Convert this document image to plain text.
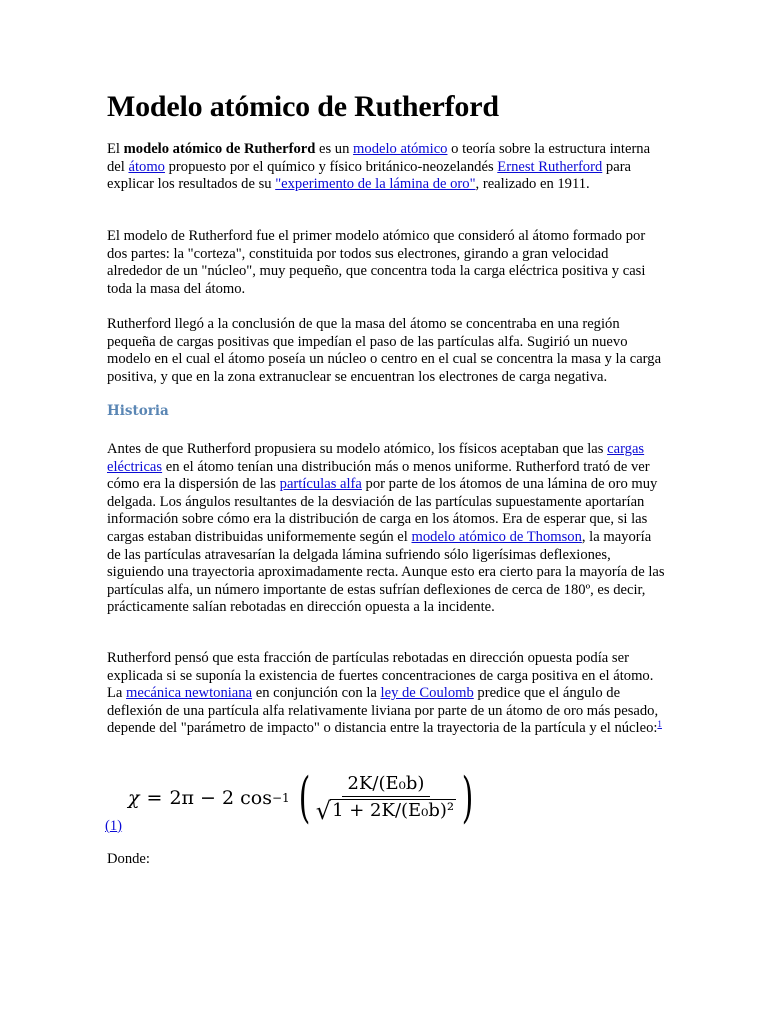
Modelo atómico de Rutherford

El modelo atómico de Rutherford es un modelo atómico o teoría sobre la estructura interna del átomo propuesto por el químico y físico británico-neozelandés Ernest Rutherford para explicar los resultados de su "experimento de la lámina de oro", realizado en 1911.

El modelo de Rutherford fue el primer modelo atómico que consideró al átomo formado por dos partes: la "corteza", constituida por todos sus electrones, girando a gran velocidad alrededor de un "núcleo", muy pequeño, que concentra toda la carga eléctrica positiva y casi toda la masa del átomo.

Rutherford llegó a la conclusión de que la masa del átomo se concentraba en una región pequeña de cargas positivas que impedían el paso de las partículas alfa. Sugirió un nuevo modelo en el cual el átomo poseía un núcleo o centro en el cual se concentra la masa y la carga positiva, y que en la zona extranuclear se encuentran los electrones de carga negativa.

Historia

Antes de que Rutherford propusiera su modelo atómico, los físicos aceptaban que las cargas eléctricas en el átomo tenían una distribución más o menos uniforme. Rutherford trató de ver cómo era la dispersión de las partículas alfa por parte de los átomos de una lámina de oro muy delgada. Los ángulos resultantes de la desviación de las partículas supuestamente aportarían información sobre cómo era la distribución de carga en los átomos. Era de esperar que, si las cargas estaban distribuidas uniformemente según el modelo atómico de Thomson, la mayoría de las partículas atravesarían la delgada lámina sufriendo sólo ligerísimas deflexiones, siguiendo una trayectoria aproximadamente recta. Aunque esto era cierto para la mayoría de las partículas alfa, un número importante de estas sufrían deflexiones de cerca de 180º, es decir, prácticamente salían rebotadas en dirección opuesta a la incidente.

Rutherford pensó que esta fracción de partículas rebotadas en dirección opuesta podía ser explicada si se suponía la existencia de fuertes concentraciones de carga positiva en el átomo. La mecánica newtoniana en conjunción con la ley de Coulomb predice que el ángulo de deflexión de una partícula alfa relativamente liviana por parte de un átomo de oro más pesado, depende del "parámetro de impacto" o distancia entre la trayectoria de la partícula y el núcleo:$^1$

χ = 2π − 2 cos −1 ( $\frac{\text{2K/(E₀b)}}{\text{√ 1 + 2K/(E₀b)²}}$ )
(1)

Donde:
